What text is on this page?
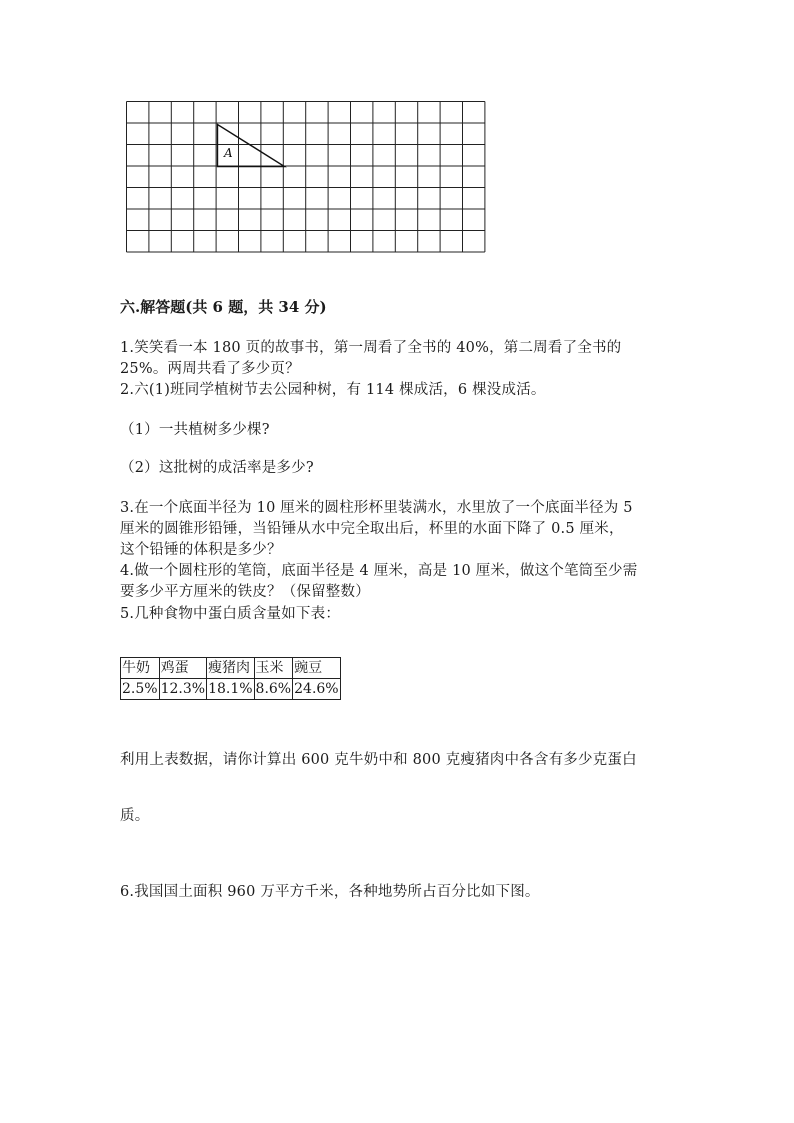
A
六.解答题(共 6 题，共 34 分)
1.笑笑看一本 180 页的故事书，第一周看了全书的 40%，第二周看了全书的
25%。两周共看了多少页？
2.六(1)班同学植树节去公园种树，有 114 棵成活，6 棵没成活。
（1）一共植树多少棵?
（2）这批树的成活率是多少?
3.在一个底面半径为 10 厘米的圆柱形杯里装满水，水里放了一个底面半径为 5
厘米的圆锥形铅锤，当铅锤从水中完全取出后，杯里的水面下降了 0.5 厘米，
这个铅锤的体积是多少？
4.做一个圆柱形的笔筒，底面半径是 4 厘米，高是 10 厘米，做这个笔筒至少需
要多少平方厘米的铁皮？（保留整数）
5.几种食物中蛋白质含量如下表：
牛奶	鸡蛋	瘦猪肉	玉米	豌豆
2.5%	12.3%	18.1%	8.6%	24.6%
利用上表数据，请你计算出 600 克牛奶中和 800 克瘦猪肉中各含有多少克蛋白
质。
6.我国国土面积 960 万平方千米，各种地势所占百分比如下图。
